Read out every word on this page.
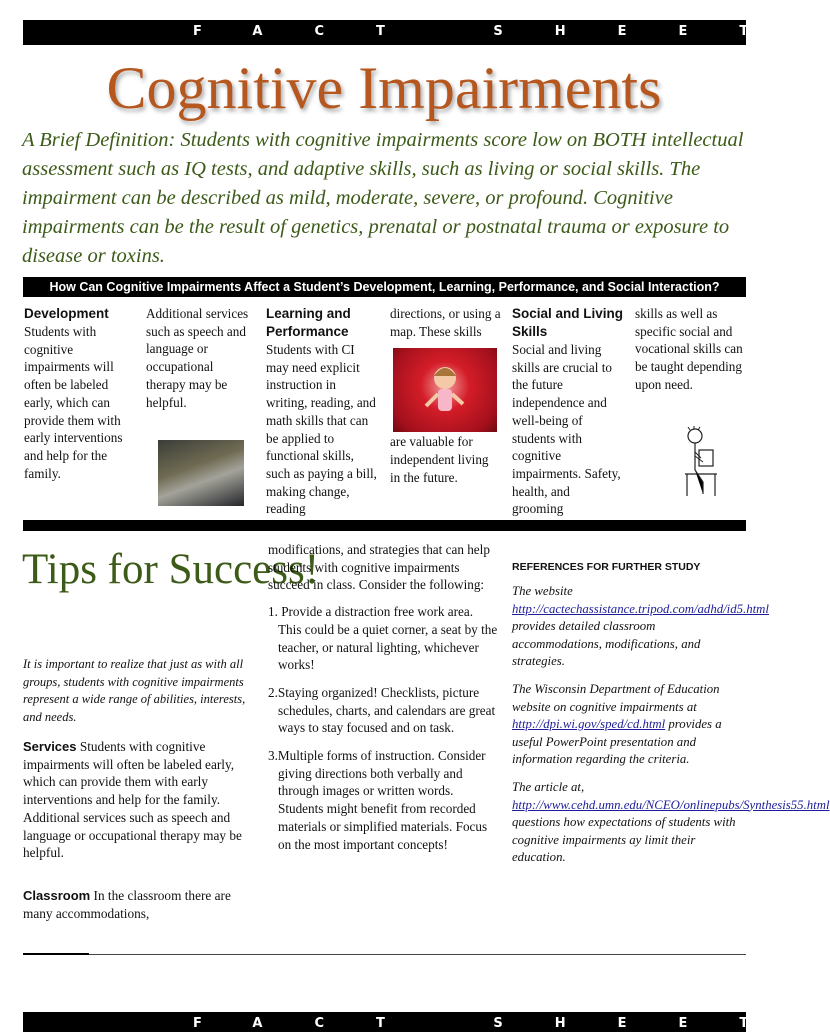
FACT SHEET
Cognitive Impairments

A Brief Definition: Students with cognitive impairments score low on BOTH intellectual assessment such as IQ tests, and adaptive skills, such as living or social skills. The impairment can be described as mild, moderate, severe, or profound. Cognitive impairments can be the result of genetics, prenatal or postnatal trauma or exposure to disease or toxins.

How Can Cognitive Impairments Affect a Student’s Development, Learning, Performance, and Social Interaction?
Development
Students with cognitive impairments will often be labeled early, which can provide them with early interventions and help for the family.
Additional services such as speech and language or occupational therapy may be helpful.
Learning and Performance
Students with CI may need explicit instruction in writing, reading, and math skills that can be applied to functional skills, such as paying a bill, making change, reading
directions, or using a map. These skills
are valuable for independent living in the future.
Social and Living Skills
Social and living skills are crucial to the future independence and well-being of students with cognitive impairments. Safety, health, and grooming
skills as well as specific social and vocational skills can be taught depending upon need.
Tips for Success!

It is important to realize that just as with all groups, students with cognitive impairments represent a wide range of abilities, interests, and needs.

Services Students with cognitive impairments will often be labeled early, which can provide them with early interventions and help for the family. Additional services such as speech and language or occupational therapy may be helpful.

Classroom In the classroom there are many accommodations,

modifications, and strategies that can help students with cognitive impairments succeed in class. Consider the following:

1. Provide a distraction free work area. This could be a quiet corner, a seat by the teacher, or natural lighting, whichever works!
2.Staying organized! Checklists, picture schedules, charts, and calendars are great ways to stay focused and on task.
3.Multiple forms of instruction. Consider giving directions both verbally and through images or written words. Students might benefit from recorded materials or simplified materials. Focus on the most important concepts!

REFERENCES FOR FURTHER STUDY

The website http://cactechassistance.tripod.com/adhd/id5.html provides detailed classroom accommodations, modifications, and strategies.

The Wisconsin Department of Education website on cognitive impairments at http://dpi.wi.gov/sped/cd.html provides a useful PowerPoint presentation and information regarding the criteria.

The article at, http://www.cehd.umn.edu/NCEO/onlinepubs/Synthesis55.html questions how expectations of students with cognitive impairments ay limit their education.

FACT SHEET
